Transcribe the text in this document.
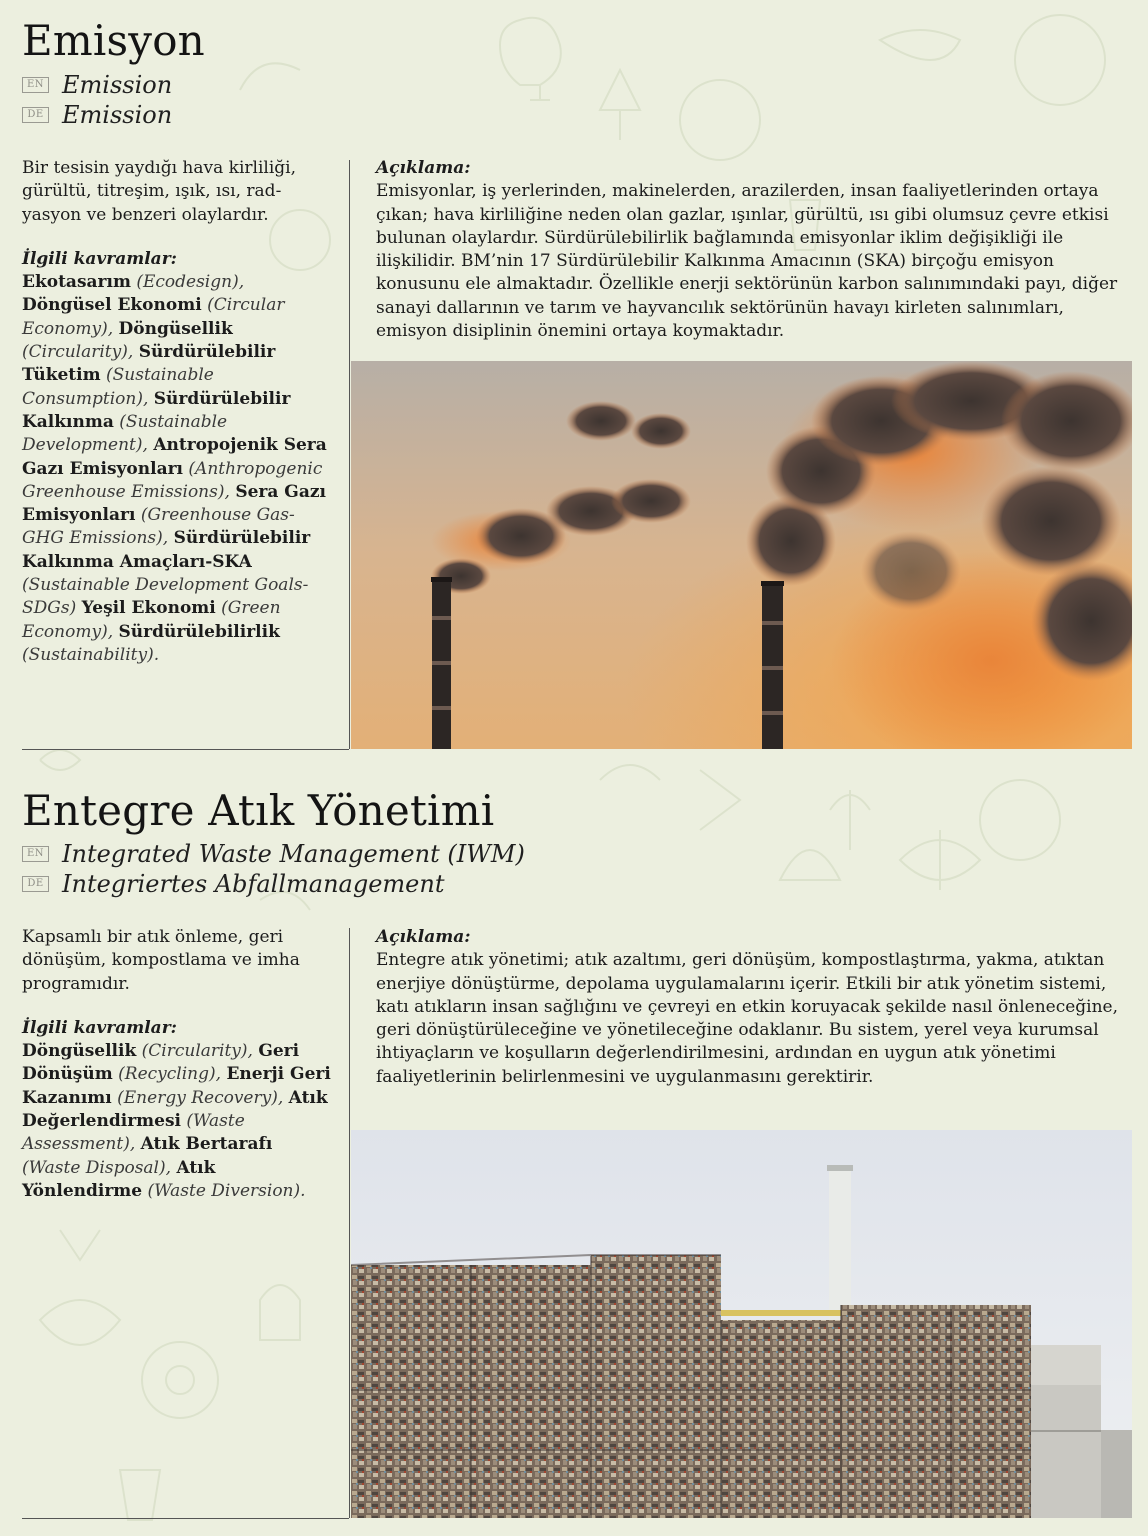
Emisyon
EN Emission
DE Emission

Bir tesisin yaydığı hava kirliliği, gürültü, titreşim, ışık, ısı, rad-yasyon ve benzeri olaylardır.

İlgili kavramlar:

Ekotasarım (Ecodesign), Döngüsel Ekonomi (Circular Economy), Döngüsellik (Circularity), Sürdürülebilir Tüketim (Sustainable Consumption), Sürdürülebilir Kalkınma (Sustainable Development), Antropojenik Sera Gazı Emisyonları (Anthropogenic Greenhouse Emissions), Sera Gazı Emisyonları (Greenhouse Gas-GHG Emissions), Sürdürülebilir Kalkınma Amaçları-SKA (Sustainable Development Goals-SDGs) Yeşil Ekonomi (Green Economy), Sürdürülebilirlik (Sustainability).

Açıklama:

Emisyonlar, iş yerlerinden, makinelerden, arazilerden, insan faaliyetlerinden ortaya çıkan; hava kirliliğine neden olan gazlar, ışınlar, gürültü, ısı gibi olumsuz çevre etkisi bulunan olaylardır. Sürdürülebilirlik bağlamında emisyonlar iklim değişikliği ile ilişkilidir. BM’nin 17 Sürdürülebilir Kalkınma Amacının (SKA) birçoğu emisyon konusunu ele almaktadır. Özellikle enerji sektörünün karbon salınımındaki payı, diğer sanayi dallarının ve tarım ve hayvancılık sektörünün havayı kirleten salınımları, emisyon disiplinin önemini ortaya koymaktadır.

Entegre Atık Yönetimi
EN Integrated Waste Management (IWM)
DE Integriertes Abfallmanagement

Kapsamlı bir atık önleme, geri dönüşüm, kompostlama ve imha programıdır.

İlgili kavramlar:

Döngüsellik (Circularity), Geri Dönüşüm (Recycling), Enerji Geri Kazanımı (Energy Recovery), Atık Değerlendirmesi (Waste Assessment), Atık Bertarafı (Waste Disposal), Atık Yönlendirme (Waste Diversion).

Açıklama:

Entegre atık yönetimi; atık azaltımı, geri dönüşüm, kompostlaştırma, yakma, atıktan enerjiye dönüştürme, depolama uygulamalarını içerir. Etkili bir atık yönetim sistemi, katı atıkların insan sağlığını ve çevreyi en etkin koruyacak şekilde nasıl önleneceğine, geri dönüştürüleceğine ve yönetileceğine odaklanır. Bu sistem, yerel veya kurumsal ihtiyaçların ve koşulların değerlendirilmesini, ardından en uygun atık yönetimi faaliyetlerinin belirlenmesini ve uygulanmasını gerektirir.
